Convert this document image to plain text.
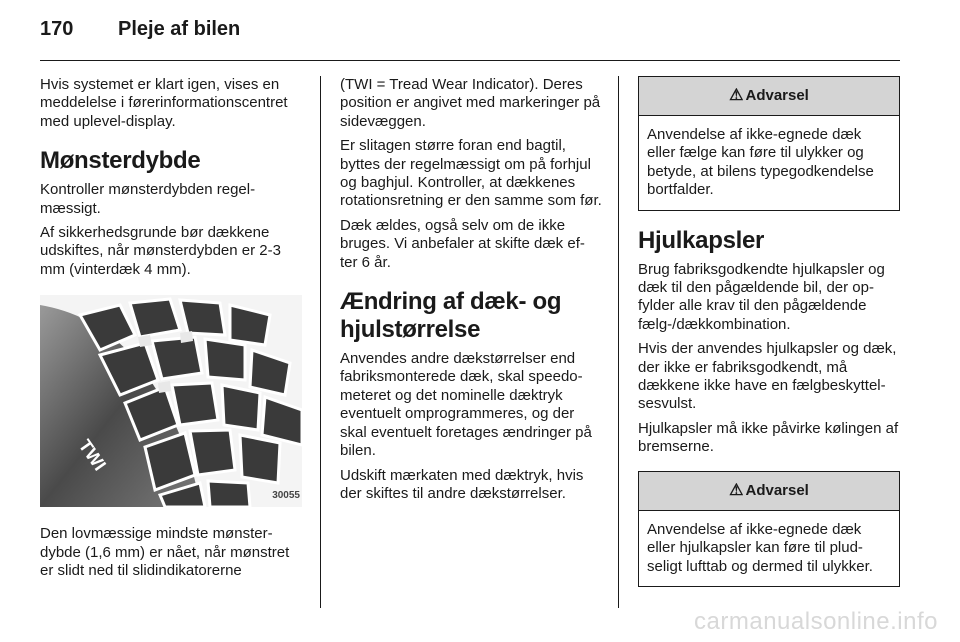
170 Pleje af bilen

Hvis systemet er klart igen, vises en meddelelse i førerinformationscentret med uplevel-display.

Mønsterdybde

Kontroller mønsterdybden regel-mæssigt.

Af sikkerhedsgrunde bør dækkene udskiftes, når mønsterdybden er 2-3 mm (vinterdæk 4 mm).

TWI
30055

Den lovmæssige mindste mønster-dybde (1,6 mm) er nået, når mønstret er slidt ned til slidindikatorerne

(TWI = Tread Wear Indicator). Deres position er angivet med markeringer på sidevæggen.

Er slitagen større foran end bagtil, byttes der regelmæssigt om på forhjul og baghjul. Kontroller, at dækkenes rotationsretning er den samme som før.

Dæk ældes, også selv om de ikke bruges. Vi anbefaler at skifte dæk ef-ter 6 år.

Ændring af dæk- og hjulstørrelse

Anvendes andre dækstørrelser end fabriksmonterede dæk, skal speedo-meteret og det nominelle dæktryk eventuelt omprogrammeres, og der skal eventuelt foretages ændringer på bilen.

Udskift mærkaten med dæktryk, hvis der skiftes til andre dækstørrelser.

⚠ Advarsel
Anvendelse af ikke-egnede dæk eller fælge kan føre til ulykker og betyde, at bilens typegodkendelse bortfalder.
Hjulkapsler

Brug fabriksgodkendte hjulkapsler og dæk til den pågældende bil, der op-fylder alle krav til den pågældende fælg-/dækkombination.

Hvis der anvendes hjulkapsler og dæk, der ikke er fabriksgodkendt, må dækkene ikke have en fælgbeskyttel-sesvulst.

Hjulkapsler må ikke påvirke kølingen af bremserne.

⚠ Advarsel
Anvendelse af ikke-egnede dæk eller hjulkapsler kan føre til plud-seligt lufttab og dermed til ulykker.
carmanualsonline.info
